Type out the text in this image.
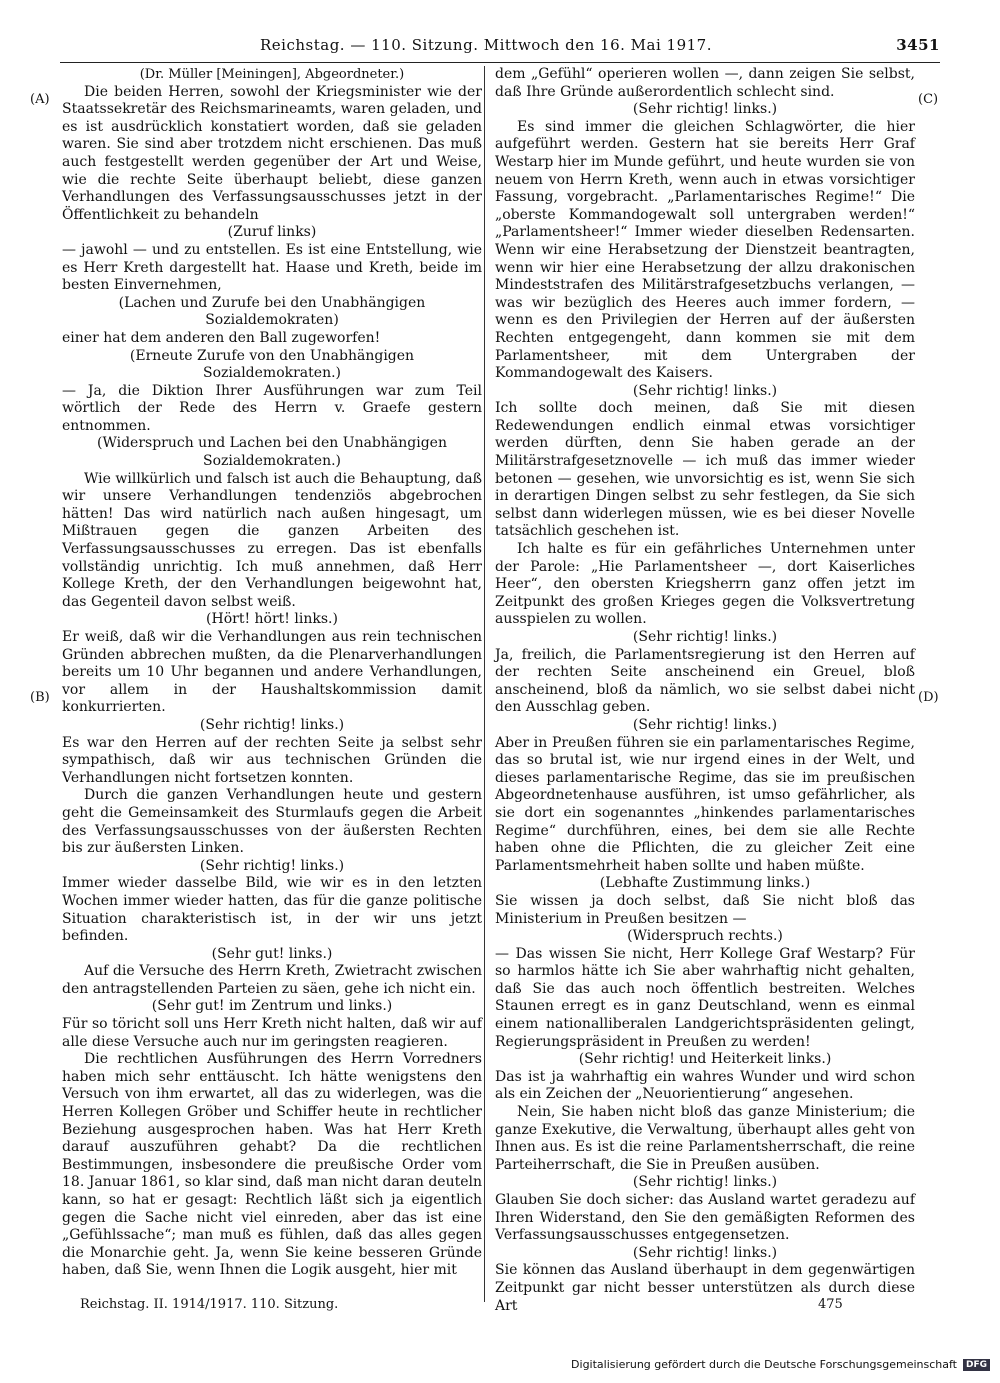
Reichstag. — 110. Sitzung. Mittwoch den 16. Mai 1917.	3451
(A)
(B)
(C)
(D)

(Dr. Müller [Meiningen], Abgeordneter.)

Die beiden Herren, sowohl der Kriegsminister wie der Staatssekretär des Reichsmarineamts, waren geladen, und es ist ausdrücklich konstatiert worden, daß sie geladen waren. Sie sind aber trotzdem nicht erschienen. Das muß auch festgestellt werden gegenüber der Art und Weise, wie die rechte Seite überhaupt beliebt, diese ganzen Verhandlungen des Verfassungsausschusses jetzt in der Öffentlichkeit zu behandeln

(Zuruf links)

— jawohl — und zu entstellen. Es ist eine Entstellung, wie es Herr Kreth dargestellt hat. Haase und Kreth, beide im besten Einvernehmen,

(Lachen und Zurufe bei den Unabhängigen Sozialdemokraten)

einer hat dem anderen den Ball zugeworfen!

(Erneute Zurufe von den Unabhängigen Sozialdemokraten.)

— Ja, die Diktion Ihrer Ausführungen war zum Teil wörtlich der Rede des Herrn v. Graefe gestern entnommen.

(Widerspruch und Lachen bei den Unabhängigen Sozialdemokraten.)

Wie willkürlich und falsch ist auch die Behauptung, daß wir unsere Verhandlungen tendenziös abgebrochen hätten! Das wird natürlich nach außen hingesagt, um Mißtrauen gegen die ganzen Arbeiten des Verfassungsausschusses zu erregen. Das ist ebenfalls vollständig unrichtig. Ich muß annehmen, daß Herr Kollege Kreth, der den Verhandlungen beigewohnt hat, das Gegenteil davon selbst weiß.

(Hört! hört! links.)

Er weiß, daß wir die Verhandlungen aus rein technischen Gründen abbrechen mußten, da die Plenarverhandlungen bereits um 10 Uhr begannen und andere Verhandlungen, vor allem in der Haushaltskommission damit konkurrierten.

(Sehr richtig! links.)

Es war den Herren auf der rechten Seite ja selbst sehr sympathisch, daß wir aus technischen Gründen die Verhandlungen nicht fortsetzen konnten.

Durch die ganzen Verhandlungen heute und gestern geht die Gemeinsamkeit des Sturmlaufs gegen die Arbeit des Verfassungsausschusses von der äußersten Rechten bis zur äußersten Linken.

(Sehr richtig! links.)

Immer wieder dasselbe Bild, wie wir es in den letzten Wochen immer wieder hatten, das für die ganze politische Situation charakteristisch ist, in der wir uns jetzt befinden.

(Sehr gut! links.)

Auf die Versuche des Herrn Kreth, Zwietracht zwischen den antragstellenden Parteien zu säen, gehe ich nicht ein.

(Sehr gut! im Zentrum und links.)

Für so töricht soll uns Herr Kreth nicht halten, daß wir auf alle diese Versuche auch nur im geringsten reagieren.

Die rechtlichen Ausführungen des Herrn Vorredners haben mich sehr enttäuscht. Ich hätte wenigstens den Versuch von ihm erwartet, all das zu widerlegen, was die Herren Kollegen Gröber und Schiffer heute in rechtlicher Beziehung ausgesprochen haben. Was hat Herr Kreth darauf auszuführen gehabt? Da die rechtlichen Bestimmungen, insbesondere die preußische Order vom 18. Januar 1861, so klar sind, daß man nicht daran deuteln kann, so hat er gesagt: Rechtlich läßt sich ja eigentlich gegen die Sache nicht viel einreden, aber das ist eine „Gefühlssache“; man muß es fühlen, daß das alles gegen die Monarchie geht. Ja, wenn Sie keine besseren Gründe haben, daß Sie, wenn Ihnen die Logik ausgeht, hier mit

dem „Gefühl“ operieren wollen —, dann zeigen Sie selbst, daß Ihre Gründe außerordentlich schlecht sind.

(Sehr richtig! links.)

Es sind immer die gleichen Schlagwörter, die hier aufgeführt werden. Gestern hat sie bereits Herr Graf Westarp hier im Munde geführt, und heute wurden sie von neuem von Herrn Kreth, wenn auch in etwas vorsichtiger Fassung, vorgebracht. „Parlamentarisches Regime!“ Die „oberste Kommandogewalt soll untergraben werden!“ „Parlamentsheer!“ Immer wieder dieselben Redensarten. Wenn wir eine Herabsetzung der Dienstzeit beantragten, wenn wir hier eine Herabsetzung der allzu drakonischen Mindeststrafen des Militärstrafgesetzbuchs verlangen, — was wir bezüglich des Heeres auch immer fordern, — wenn es den Privilegien der Herren auf der äußersten Rechten entgegengeht, dann kommen sie mit dem Parlamentsheer, mit dem Untergraben der Kommandogewalt des Kaisers.

(Sehr richtig! links.)

Ich sollte doch meinen, daß Sie mit diesen Redewendungen endlich einmal etwas vorsichtiger werden dürften, denn Sie haben gerade an der Militärstrafgesetznovelle — ich muß das immer wieder betonen — gesehen, wie unvorsichtig es ist, wenn Sie sich in derartigen Dingen selbst zu sehr festlegen, da Sie sich selbst dann widerlegen müssen, wie es bei dieser Novelle tatsächlich geschehen ist.

Ich halte es für ein gefährliches Unternehmen unter der Parole: „Hie Parlamentsheer —, dort Kaiserliches Heer“, den obersten Kriegsherrn ganz offen jetzt im Zeitpunkt des großen Krieges gegen die Volksvertretung ausspielen zu wollen.

(Sehr richtig! links.)

Ja, freilich, die Parlamentsregierung ist den Herren auf der rechten Seite anscheinend ein Greuel, bloß anscheinend, bloß da nämlich, wo sie selbst dabei nicht den Ausschlag geben.

(Sehr richtig! links.)

Aber in Preußen führen sie ein parlamentarisches Regime, das so brutal ist, wie nur irgend eines in der Welt, und dieses parlamentarische Regime, das sie im preußischen Abgeordnetenhause ausführen, ist umso gefährlicher, als sie dort ein sogenanntes „hinkendes parlamentarisches Regime“ durchführen, eines, bei dem sie alle Rechte haben ohne die Pflichten, die zu gleicher Zeit eine Parlamentsmehrheit haben sollte und haben müßte.

(Lebhafte Zustimmung links.)

Sie wissen ja doch selbst, daß Sie nicht bloß das Ministerium in Preußen besitzen —

(Widerspruch rechts.)

— Das wissen Sie nicht, Herr Kollege Graf Westarp? Für so harmlos hätte ich Sie aber wahrhaftig nicht gehalten, daß Sie das auch noch öffentlich bestreiten. Welches Staunen erregt es in ganz Deutschland, wenn es einmal einem nationalliberalen Landgerichtspräsidenten gelingt, Regierungspräsident in Preußen zu werden!

(Sehr richtig! und Heiterkeit links.)

Das ist ja wahrhaftig ein wahres Wunder und wird schon als ein Zeichen der „Neuorientierung“ angesehen.

Nein, Sie haben nicht bloß das ganze Ministerium; die ganze Exekutive, die Verwaltung, überhaupt alles geht von Ihnen aus. Es ist die reine Parlamentsherrschaft, die reine Parteiherrschaft, die Sie in Preußen ausüben.

(Sehr richtig! links.)

Glauben Sie doch sicher: das Ausland wartet geradezu auf Ihren Widerstand, den Sie den gemäßigten Reformen des Verfassungsausschusses entgegensetzen.

(Sehr richtig! links.)

Sie können das Ausland überhaupt in dem gegenwärtigen Zeitpunkt gar nicht besser unterstützen als durch diese Art

Reichstag. II. 1914/1917. 110. Sitzung.	475
Digitalisierung gefördert durch die Deutsche Forschungsgemeinschaft	DFG
